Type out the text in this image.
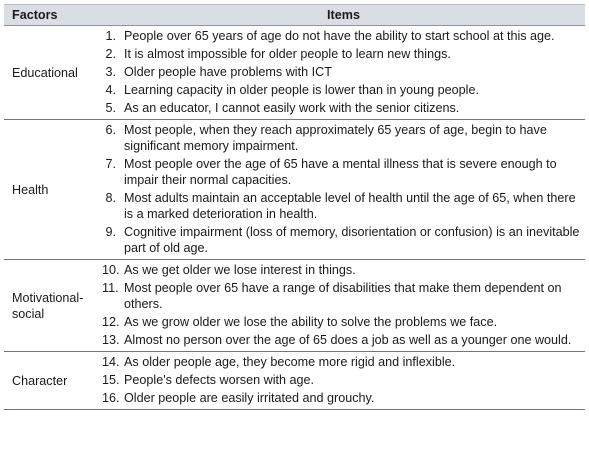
Factors	Items	
Educational	1.	People over 65 years of age do not have the ability to start school at this age.
	2.	It is almost impossible for older people to learn new things.
	3.	Older people have problems with ICT
	4.	Learning capacity in older people is lower than in young people.
	5.	As an educator, I cannot easily work with the senior citizens.
Health	6.	Most people, when they reach approximately 65 years of age, begin to have significant memory impairment.
	7.	Most people over the age of 65 have a mental illness that is severe enough to impair their normal capacities.
	8.	Most adults maintain an acceptable level of health until the age of 65, when there is a marked deterioration in health.
	9.	Cognitive impairment (loss of memory, disorientation or confusion) is an inevitable part of old age.
Motivational-social	10.	As we get older we lose interest in things.
	11.	Most people over 65 have a range of disabilities that make them dependent on others.
	12.	As we grow older we lose the ability to solve the problems we face.
	13.	Almost no person over the age of 65 does a job as well as a younger one would.
Character	14.	As older people age, they become more rigid and inflexible.
	15.	People's defects worsen with age.
	16.	Older people are easily irritated and grouchy.
